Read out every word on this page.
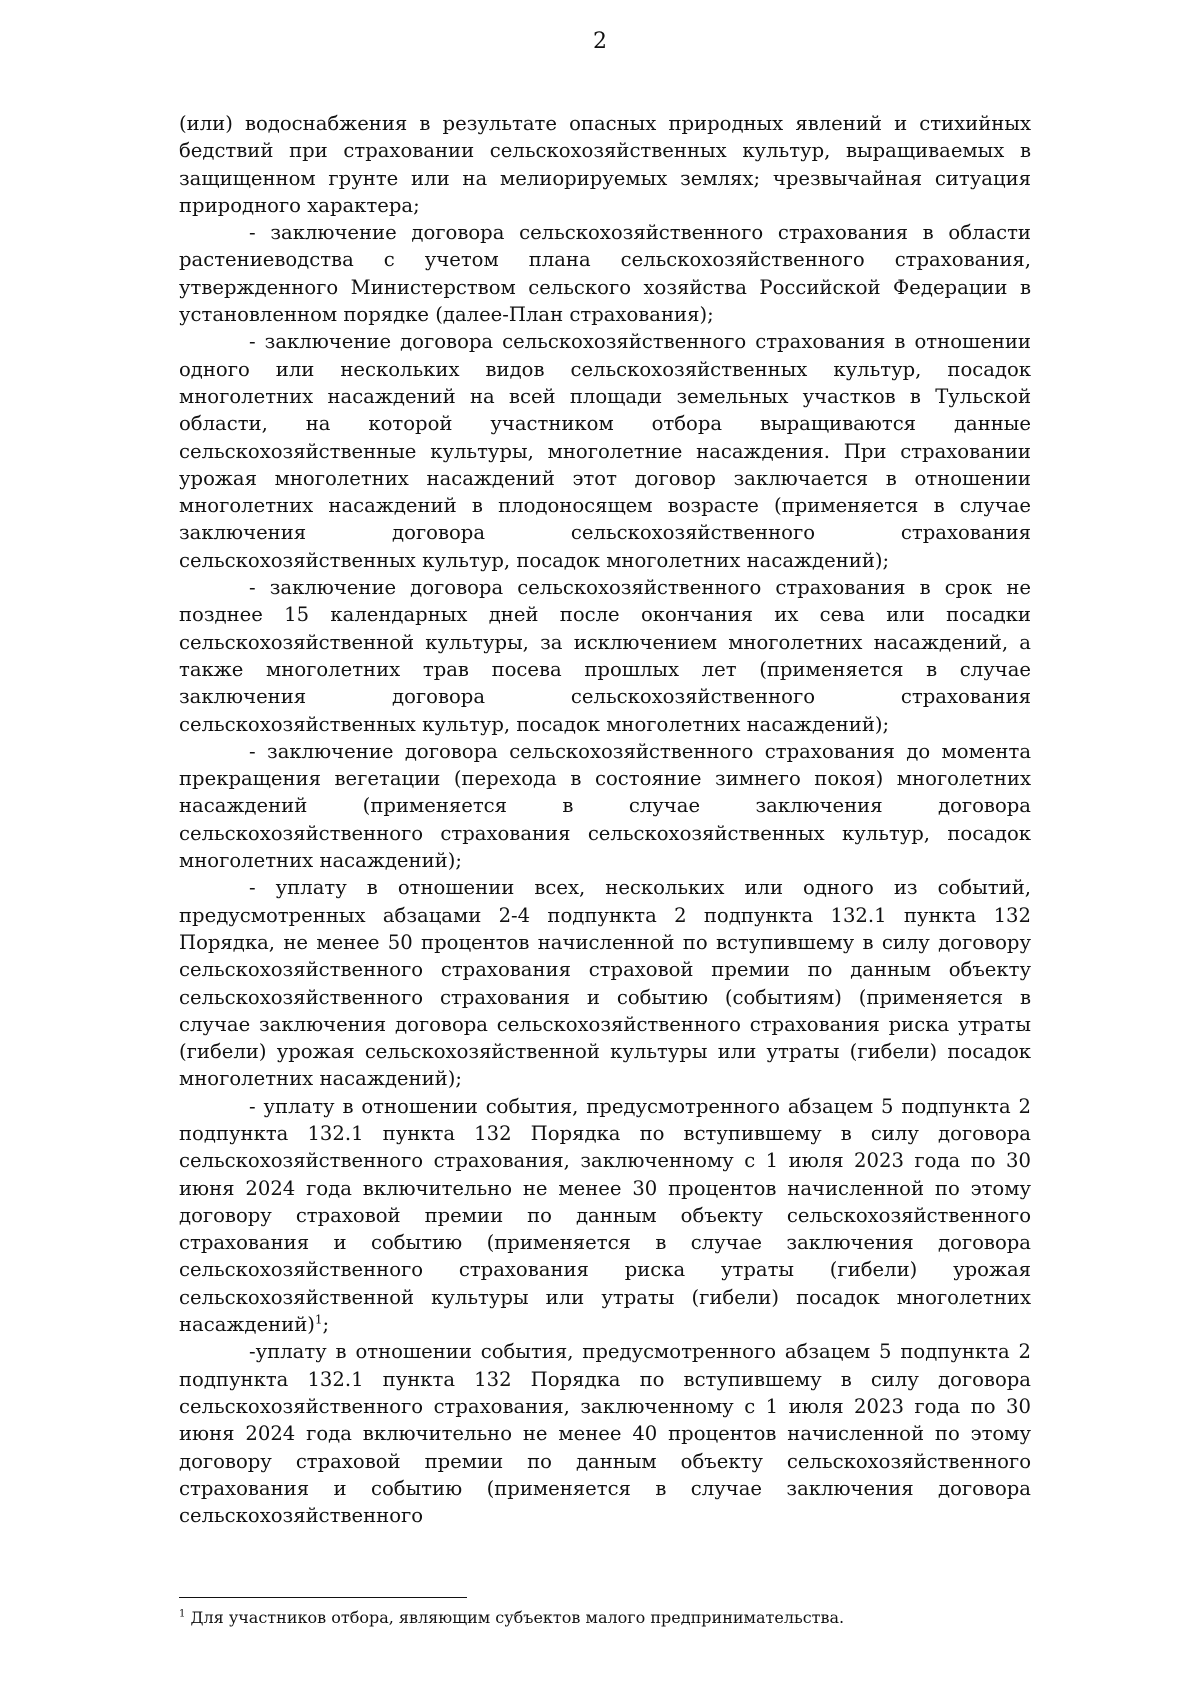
2

(или) водоснабжения в результате опасных природных явлений и стихийных бедствий при страховании сельскохозяйственных культур, выращиваемых в защищенном грунте или на мелиорируемых землях; чрезвычайная ситуация природного характера;

- заключение договора сельскохозяйственного страхования в области растениеводства с учетом плана сельскохозяйственного страхования, утвержденного Министерством сельского хозяйства Российской Федерации в установленном порядке (далее-План страхования);

- заключение договора сельскохозяйственного страхования в отношении одного или нескольких видов сельскохозяйственных культур, посадок многолетних насаждений на всей площади земельных участков в Тульской области, на которой участником отбора выращиваются данные сельскохозяйственные культуры, многолетние насаждения. При страховании урожая многолетних насаждений этот договор заключается в отношении многолетних насаждений в плодоносящем возрасте (применяется в случае заключения договора сельскохозяйственного страхования сельскохозяйственных культур, посадок многолетних насаждений);

- заключение договора сельскохозяйственного страхования в срок не позднее 15 календарных дней после окончания их сева или посадки сельскохозяйственной культуры, за исключением многолетних насаждений, а также многолетних трав посева прошлых лет (применяется в случае заключения договора сельскохозяйственного страхования сельскохозяйственных культур, посадок многолетних насаждений);

- заключение договора сельскохозяйственного страхования до момента прекращения вегетации (перехода в состояние зимнего покоя) многолетних насаждений (применяется в случае заключения договора сельскохозяйственного страхования сельскохозяйственных культур, посадок многолетних насаждений);

- уплату в отношении всех, нескольких или одного из событий, предусмотренных абзацами 2-4 подпункта 2 подпункта 132.1 пункта 132 Порядка, не менее 50 процентов начисленной по вступившему в силу договору сельскохозяйственного страхования страховой премии по данным объекту сельскохозяйственного страхования и событию (событиям) (применяется в случае заключения договора сельскохозяйственного страхования риска утраты (гибели) урожая сельскохозяйственной культуры или утраты (гибели) посадок многолетних насаждений);

- уплату в отношении события, предусмотренного абзацем 5 подпункта 2 подпункта 132.1 пункта 132 Порядка по вступившему в силу договора сельскохозяйственного страхования, заключенному с 1 июля 2023 года по 30 июня 2024 года включительно не менее 30 процентов начисленной по этому договору страховой премии по данным объекту сельскохозяйственного страхования и событию (применяется в случае заключения договора сельскохозяйственного страхования риска утраты (гибели) урожая сельскохозяйственной культуры или утраты (гибели) посадок многолетних насаждений)$^1$;

-уплату в отношении события, предусмотренного абзацем 5 подпункта 2 подпункта 132.1 пункта 132 Порядка по вступившему в силу договора сельскохозяйственного страхования, заключенному с 1 июля 2023 года по 30 июня 2024 года включительно не менее 40 процентов начисленной по этому договору страховой премии по данным объекту сельскохозяйственного страхования и событию (применяется в случае заключения договора сельскохозяйственного

$^1$ Для участников отбора, являющим субъектов малого предпринимательства.
